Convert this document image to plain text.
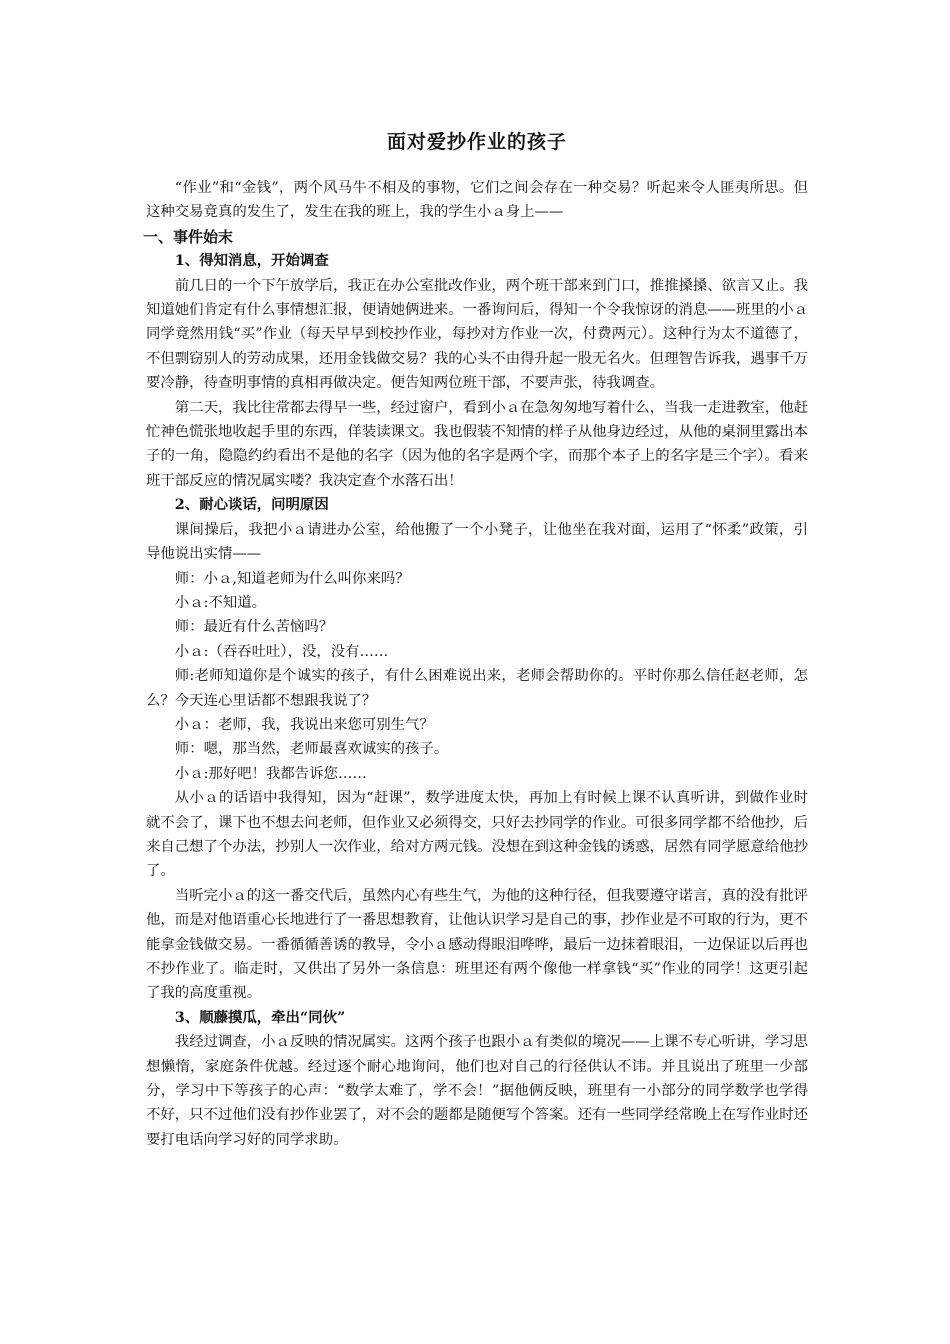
面对爱抄作业的孩子

“作业”和“金钱”，两个风马牛不相及的事物，它们之间会存在一种交易？听起来令人匪夷所思。但这种交易竟真的发生了，发生在我的班上，我的学生小ａ身上——

一、事件始末

1、得知消息，开始调查

前几日的一个下午放学后，我正在办公室批改作业，两个班干部来到门口，推推搡搡、欲言又止。我知道她们肯定有什么事情想汇报，便请她俩进来。一番询问后，得知一个令我惊讶的消息——班里的小ａ同学竟然用钱“买”作业（每天早早到校抄作业，每抄对方作业一次，付费两元）。这种行为太不道德了，不但剽窃别人的劳动成果，还用金钱做交易？我的心头不由得升起一股无名火。但理智告诉我，遇事千万要冷静，待查明事情的真相再做决定。便告知两位班干部，不要声张，待我调查。

第二天，我比往常都去得早一些，经过窗户，看到小ａ在急匆匆地写着什么，当我一走进教室，他赶忙神色慌张地收起手里的东西，佯装读课文。我也假装不知情的样子从他身边经过，从他的桌洞里露出本子的一角，隐隐约约看出不是他的名字（因为他的名字是两个字，而那个本子上的名字是三个字）。看来班干部反应的情况属实喽？我决定查个水落石出！

2、耐心谈话，问明原因

课间操后，我把小ａ请进办公室，给他搬了一个小凳子，让他坐在我对面，运用了“怀柔”政策，引导他说出实情——

师：小ａ,知道老师为什么叫你来吗？

小ａ:不知道。

师：最近有什么苦恼吗？

小ａ:（吞吞吐吐），没，没有……

师:老师知道你是个诚实的孩子，有什么困难说出来，老师会帮助你的。平时你那么信任赵老师，怎么？今天连心里话都不想跟我说了？

小ａ：老师，我，我说出来您可别生气？

师：嗯，那当然，老师最喜欢诚实的孩子。

小ａ:那好吧！我都告诉您……

从小ａ的话语中我得知，因为“赶课”，数学进度太快，再加上有时候上课不认真听讲，到做作业时就不会了，课下也不想去问老师，但作业又必须得交，只好去抄同学的作业。可很多同学都不给他抄，后来自己想了个办法，抄别人一次作业，给对方两元钱。没想在到这种金钱的诱惑，居然有同学愿意给他抄了。

当听完小ａ的这一番交代后，虽然内心有些生气，为他的这种行径，但我要遵守诺言，真的没有批评他，而是对他语重心长地进行了一番思想教育，让他认识学习是自己的事，抄作业是不可取的行为，更不能拿金钱做交易。一番循循善诱的教导，令小ａ感动得眼泪哗哗，最后一边抹着眼泪，一边保证以后再也不抄作业了。临走时，又供出了另外一条信息：班里还有两个像他一样拿钱“买”作业的同学！这更引起了我的高度重视。

3、顺藤摸瓜，牵出“同伙”

我经过调查，小ａ反映的情况属实。这两个孩子也跟小ａ有类似的境况——上课不专心听讲，学习思想懒惰，家庭条件优越。经过逐个耐心地询问，他们也对自己的行径供认不讳。并且说出了班里一少部分，学习中下等孩子的心声：“数学太难了，学不会！”据他俩反映，班里有一小部分的同学数学也学得不好，只不过他们没有抄作业罢了，对不会的题都是随便写个答案。还有一些同学经常晚上在写作业时还要打电话向学习好的同学求助。
